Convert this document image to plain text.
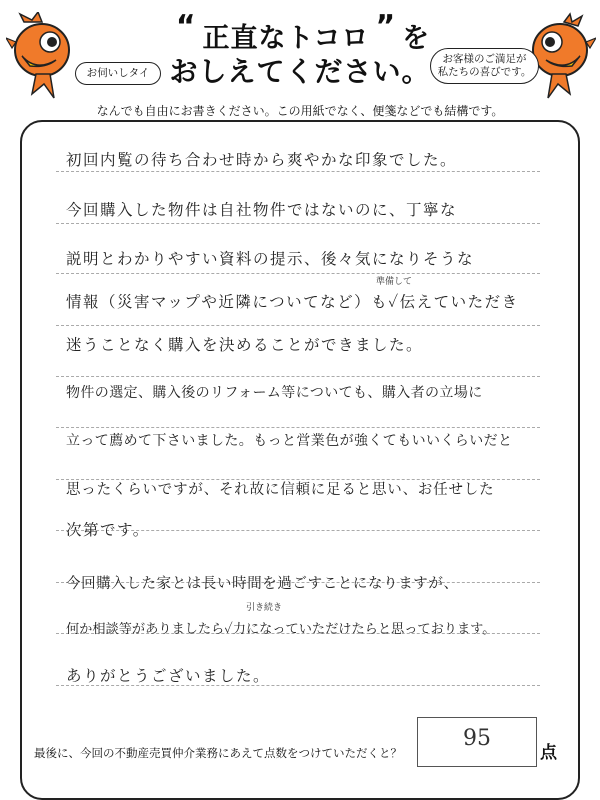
“ 正直なトコロ ” を
おしえてください。
お伺いしタイ
お客様のご満足が
私たちの喜びです。
なんでも自由にお書きください。この用紙でなく、便箋などでも結構です。
初回内覧の待ち合わせ時から爽やかな印象でした。
今回購入した物件は自社物件ではないのに、丁寧な
説明とわかりやすい資料の提示、後々気になりそうな
準備して
情報（災害マップや近隣についてなど）も✓伝えていただき
迷うことなく購入を決めることができました。
物件の選定、購入後のリフォーム等についても、購入者の立場に
立って薦めて下さいました。もっと営業色が強くてもいいくらいだと
思ったくらいですが、それ故に信頼に足ると思い、お任せした
次第です。
今回購入した家とは長い時間を過ごすことになりますが、
引き続き
何か相談等がありましたら✓力になっていただけたらと思っております。
ありがとうございました。
最後に、今回の不動産売買仲介業務にあえて点数をつけていただくと？
95
点
